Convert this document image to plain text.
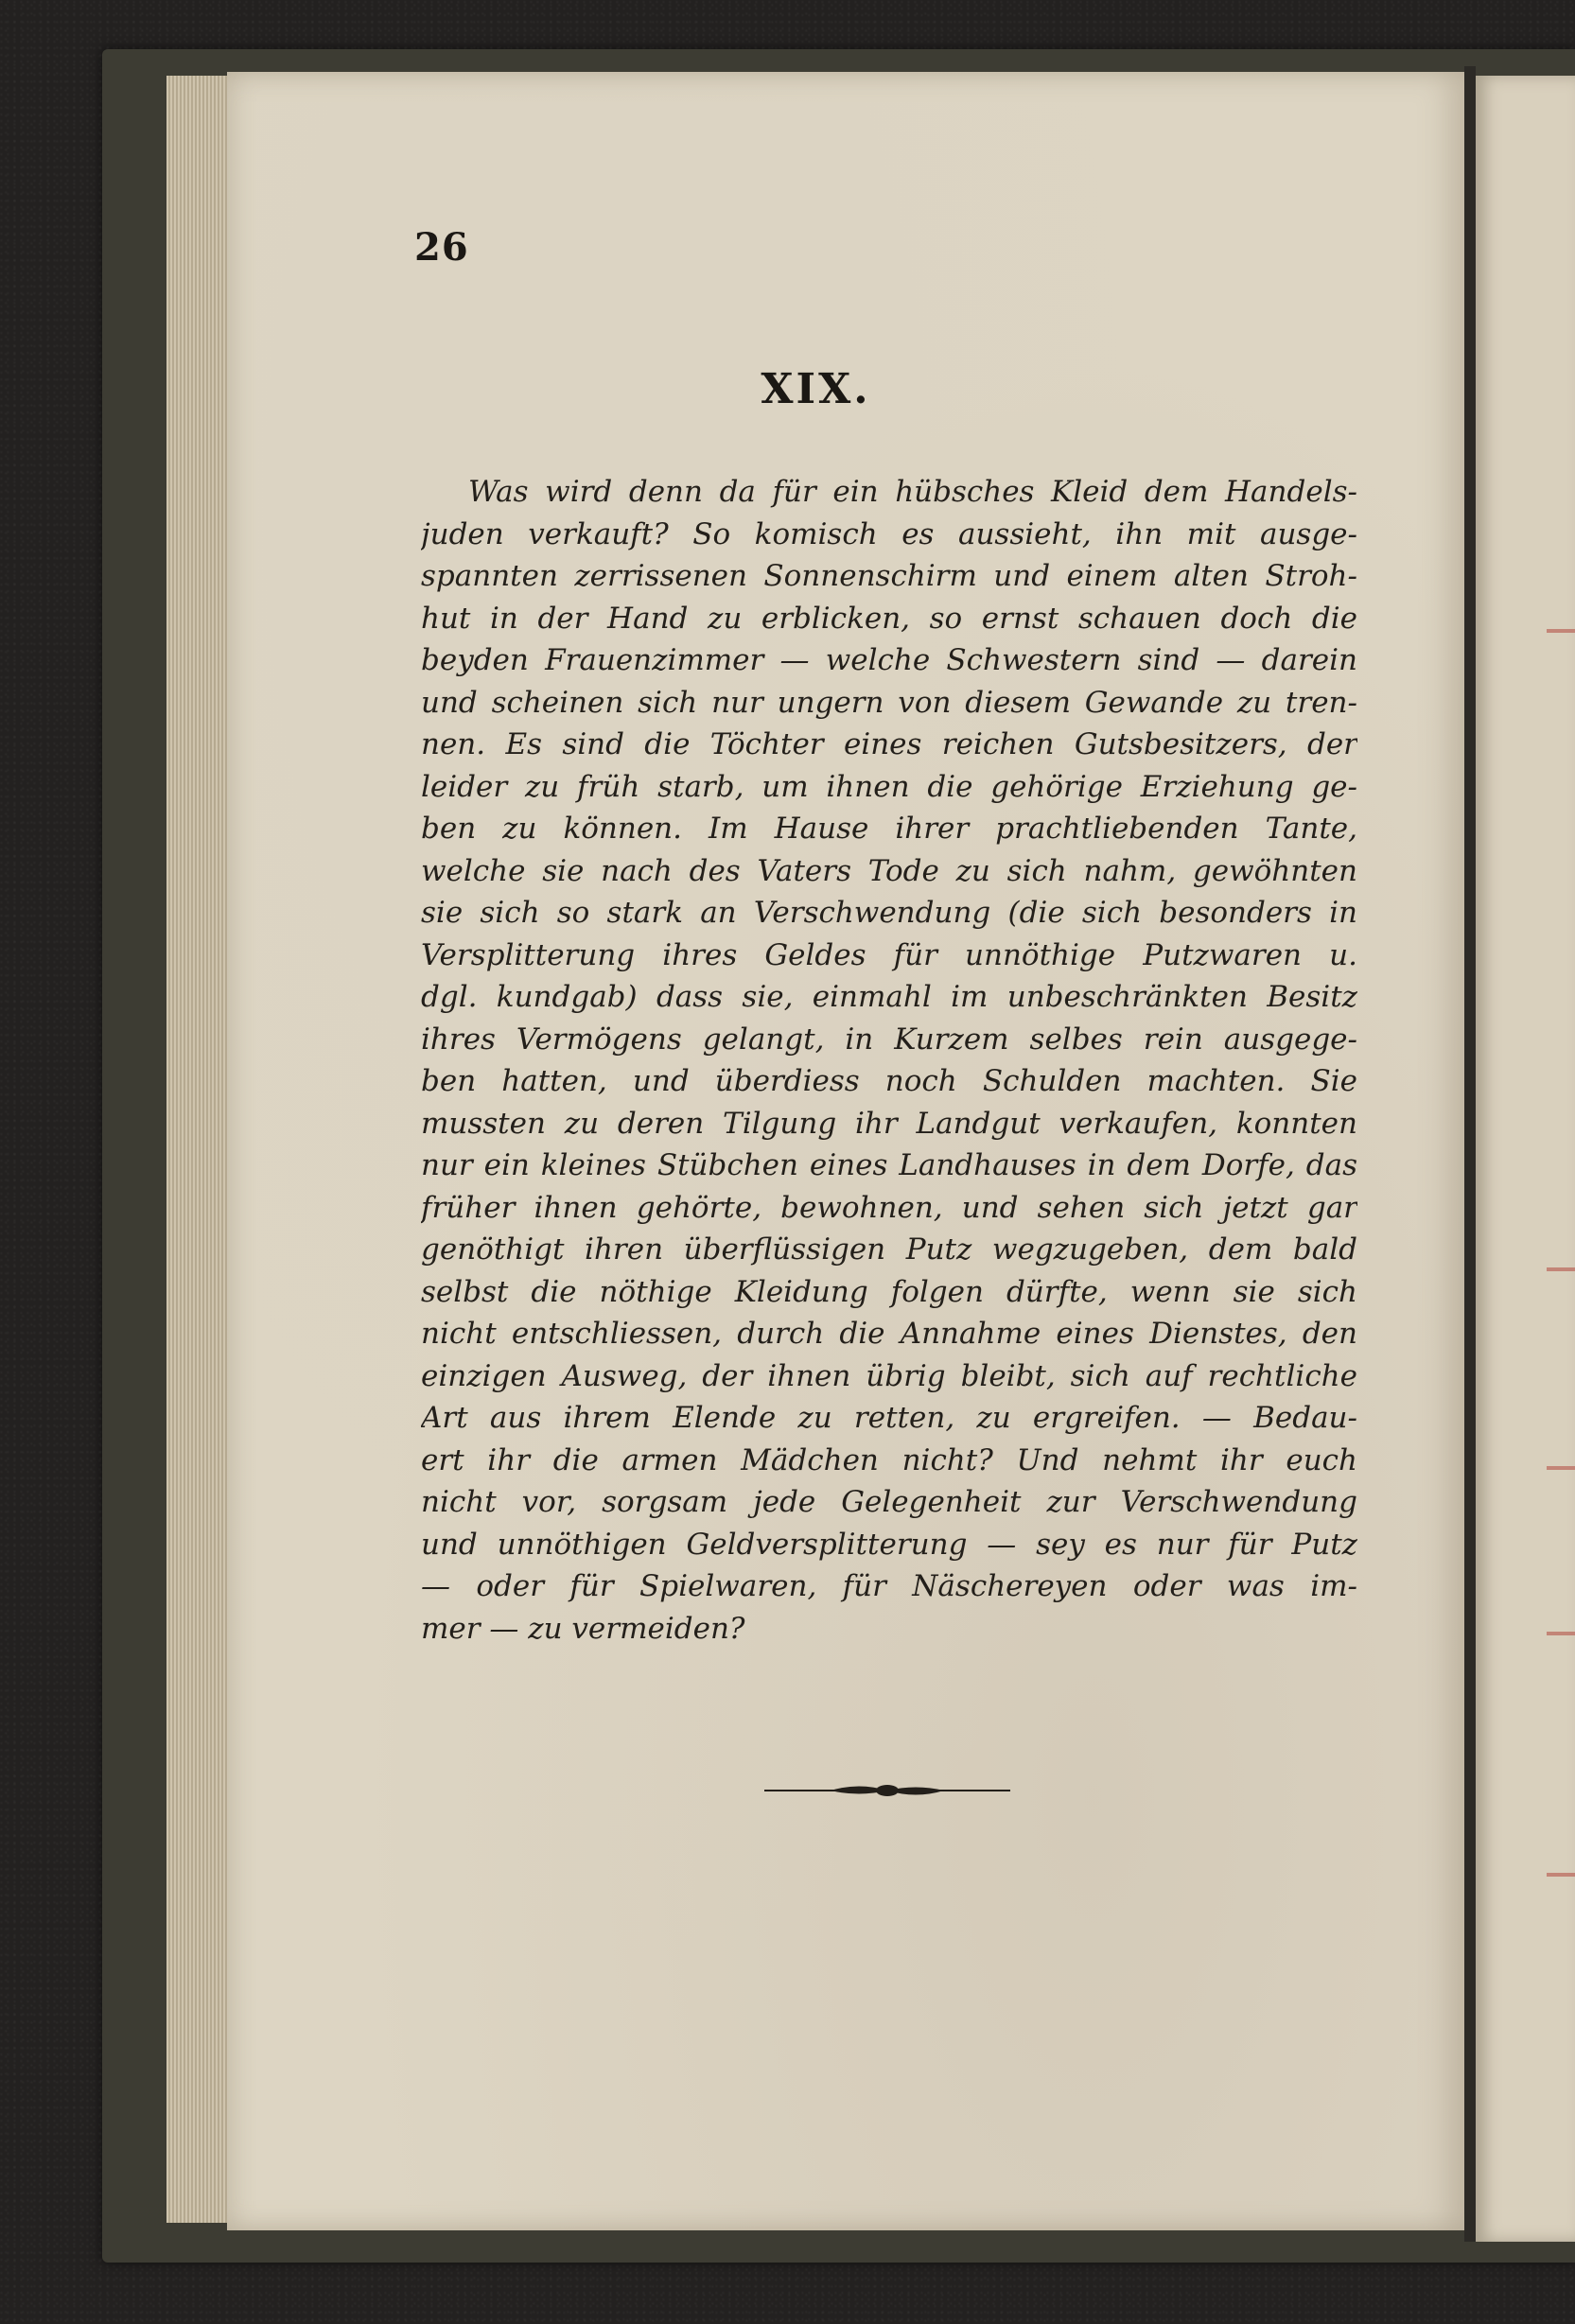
26
XIX.
Was wird denn da für ein hübsches Kleid dem Handels-
juden verkauft? So komisch es aussieht, ihn mit ausge-
spannten zerrissenen Sonnenschirm und einem alten Stroh-
hut in der Hand zu erblicken, so ernst schauen doch die
beyden Frauenzimmer — welche Schwestern sind — darein
und scheinen sich nur ungern von diesem Gewande zu tren-
nen. Es sind die Töchter eines reichen Gutsbesitzers, der
leider zu früh starb, um ihnen die gehörige Erziehung ge-
ben zu können. Im Hause ihrer prachtliebenden Tante,
welche sie nach des Vaters Tode zu sich nahm, gewöhnten
sie sich so stark an Verschwendung (die sich besonders in
Versplitterung ihres Geldes für unnöthige Putzwaren u.
dgl. kundgab) dass sie, einmahl im unbeschränkten Besitz
ihres Vermögens gelangt, in Kurzem selbes rein ausgege-
ben hatten, und überdiess noch Schulden machten. Sie
mussten zu deren Tilgung ihr Landgut verkaufen, konnten
nur ein kleines Stübchen eines Landhauses in dem Dorfe, das
früher ihnen gehörte, bewohnen, und sehen sich jetzt gar
genöthigt ihren überflüssigen Putz wegzugeben, dem bald
selbst die nöthige Kleidung folgen dürfte, wenn sie sich
nicht entschliessen, durch die Annahme eines Dienstes, den
einzigen Ausweg, der ihnen übrig bleibt, sich auf rechtliche
Art aus ihrem Elende zu retten, zu ergreifen. — Bedau-
ert ihr die armen Mädchen nicht? Und nehmt ihr euch
nicht vor, sorgsam jede Gelegenheit zur Verschwendung
und unnöthigen Geldversplitterung — sey es nur für Putz
— oder für Spielwaren, für Näschereyen oder was im-
mer — zu vermeiden?
